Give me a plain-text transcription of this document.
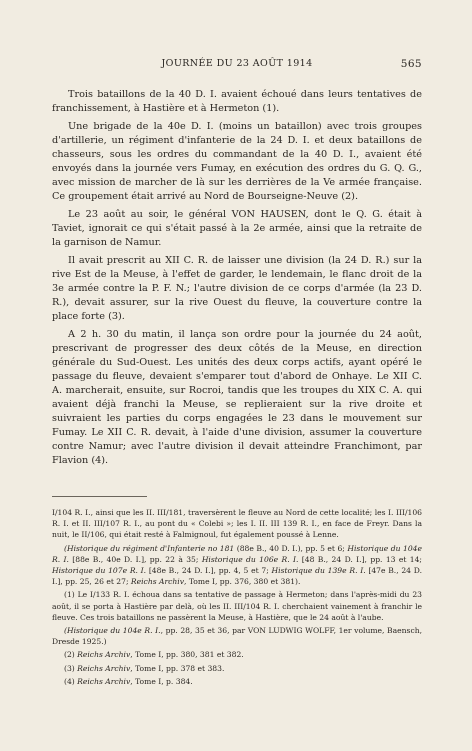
JOURNÉE DU 23 AOÛT 1914	565

Trois bataillons de la 40 D. I. avaient échoué dans leurs tentatives de franchissement, à Hastière et à Hermeton (1).

Une brigade de la 40e D. I. (moins un bataillon) avec trois groupes d'artillerie, un régiment d'infanterie de la 24 D. I. et deux bataillons de chasseurs, sous les ordres du commandant de la 40 D. I., avaient été envoyés dans la journée vers Fumay, en exécution des ordres du G. Q. G., avec mission de marcher de là sur les derrières de la Ve armée française. Ce groupement était arrivé au Nord de Bourseigne-Neuve (2).

Le 23 août au soir, le général VON HAUSEN, dont le Q. G. était à Taviet, ignorait ce qui s'était passé à la 2e armée, ainsi que la retraite de la garnison de Namur.

Il avait prescrit au XII C. R. de laisser une division (la 24 D. R.) sur la rive Est de la Meuse, à l'effet de garder, le lendemain, le flanc droit de la 3e armée contre la P. F. N.; l'autre division de ce corps d'armée (la 23 D. R.), devait assurer, sur la rive Ouest du fleuve, la couverture contre la place forte (3).

A 2 h. 30 du matin, il lança son ordre pour la journée du 24 août, prescrivant de progresser des deux côtés de la Meuse, en direction générale du Sud-Ouest. Les unités des deux corps actifs, ayant opéré le passage du fleuve, devaient s'emparer tout d'abord de Onhaye. Le XII C. A. marcherait, ensuite, sur Rocroi, tandis que les troupes du XIX C. A. qui avaient déjà franchi la Meuse, se replieraient sur la rive droite et suivraient les parties du corps engagées le 23 dans le mouvement sur Fumay. Le XII C. R. devait, à l'aide d'une division, assumer la couverture contre Namur; avec l'autre division il devait atteindre Franchimont, par Flavion (4).

I/104 R. I., ainsi que les II. III/181, traversèrent le fleuve au Nord de cette localité; les I. III/106 R. I. et II. III/107 R. I., au pont du « Colebi »; les I. II. III 139 R. I., en face de Freyr. Dans la nuit, le II/106, qui était resté à Falmignoul, fut également poussé à Lenne.

(Historique du régiment d'Infanterie no 181 (88e B., 40 D. I.), pp. 5 et 6; Historique du 104e R. I. [88e B., 40e D. I.], pp. 22 à 35; Historique du 106e R. I. [48 B., 24 D. I.], pp. 13 et 14; Historique du 107e R. I. [48e B., 24 D. I.], pp. 4, 5 et 7; Historique du 139e R. I. [47e B., 24 D. I.], pp. 25, 26 et 27; Reichs Archiv, Tome I, pp. 376, 380 et 381).

(1) Le I/133 R. I. échoua dans sa tentative de passage à Hermeton; dans l'après-midi du 23 août, il se porta à Hastière par delà, où les II. III/104 R. I. cherchaient vainement à franchir le fleuve. Ces trois bataillons ne passèrent la Meuse, à Hastière, que le 24 août à l'aube.

(Historique du 104e R. I., pp. 28, 35 et 36, par VON LUDWIG WOLFF, 1er volume, Baensch, Dresde 1925.)

(2) Reichs Archiv, Tome I, pp. 380, 381 et 382.

(3) Reichs Archiv, Tome I, pp. 378 et 383.

(4) Reichs Archiv, Tome I, p. 384.
